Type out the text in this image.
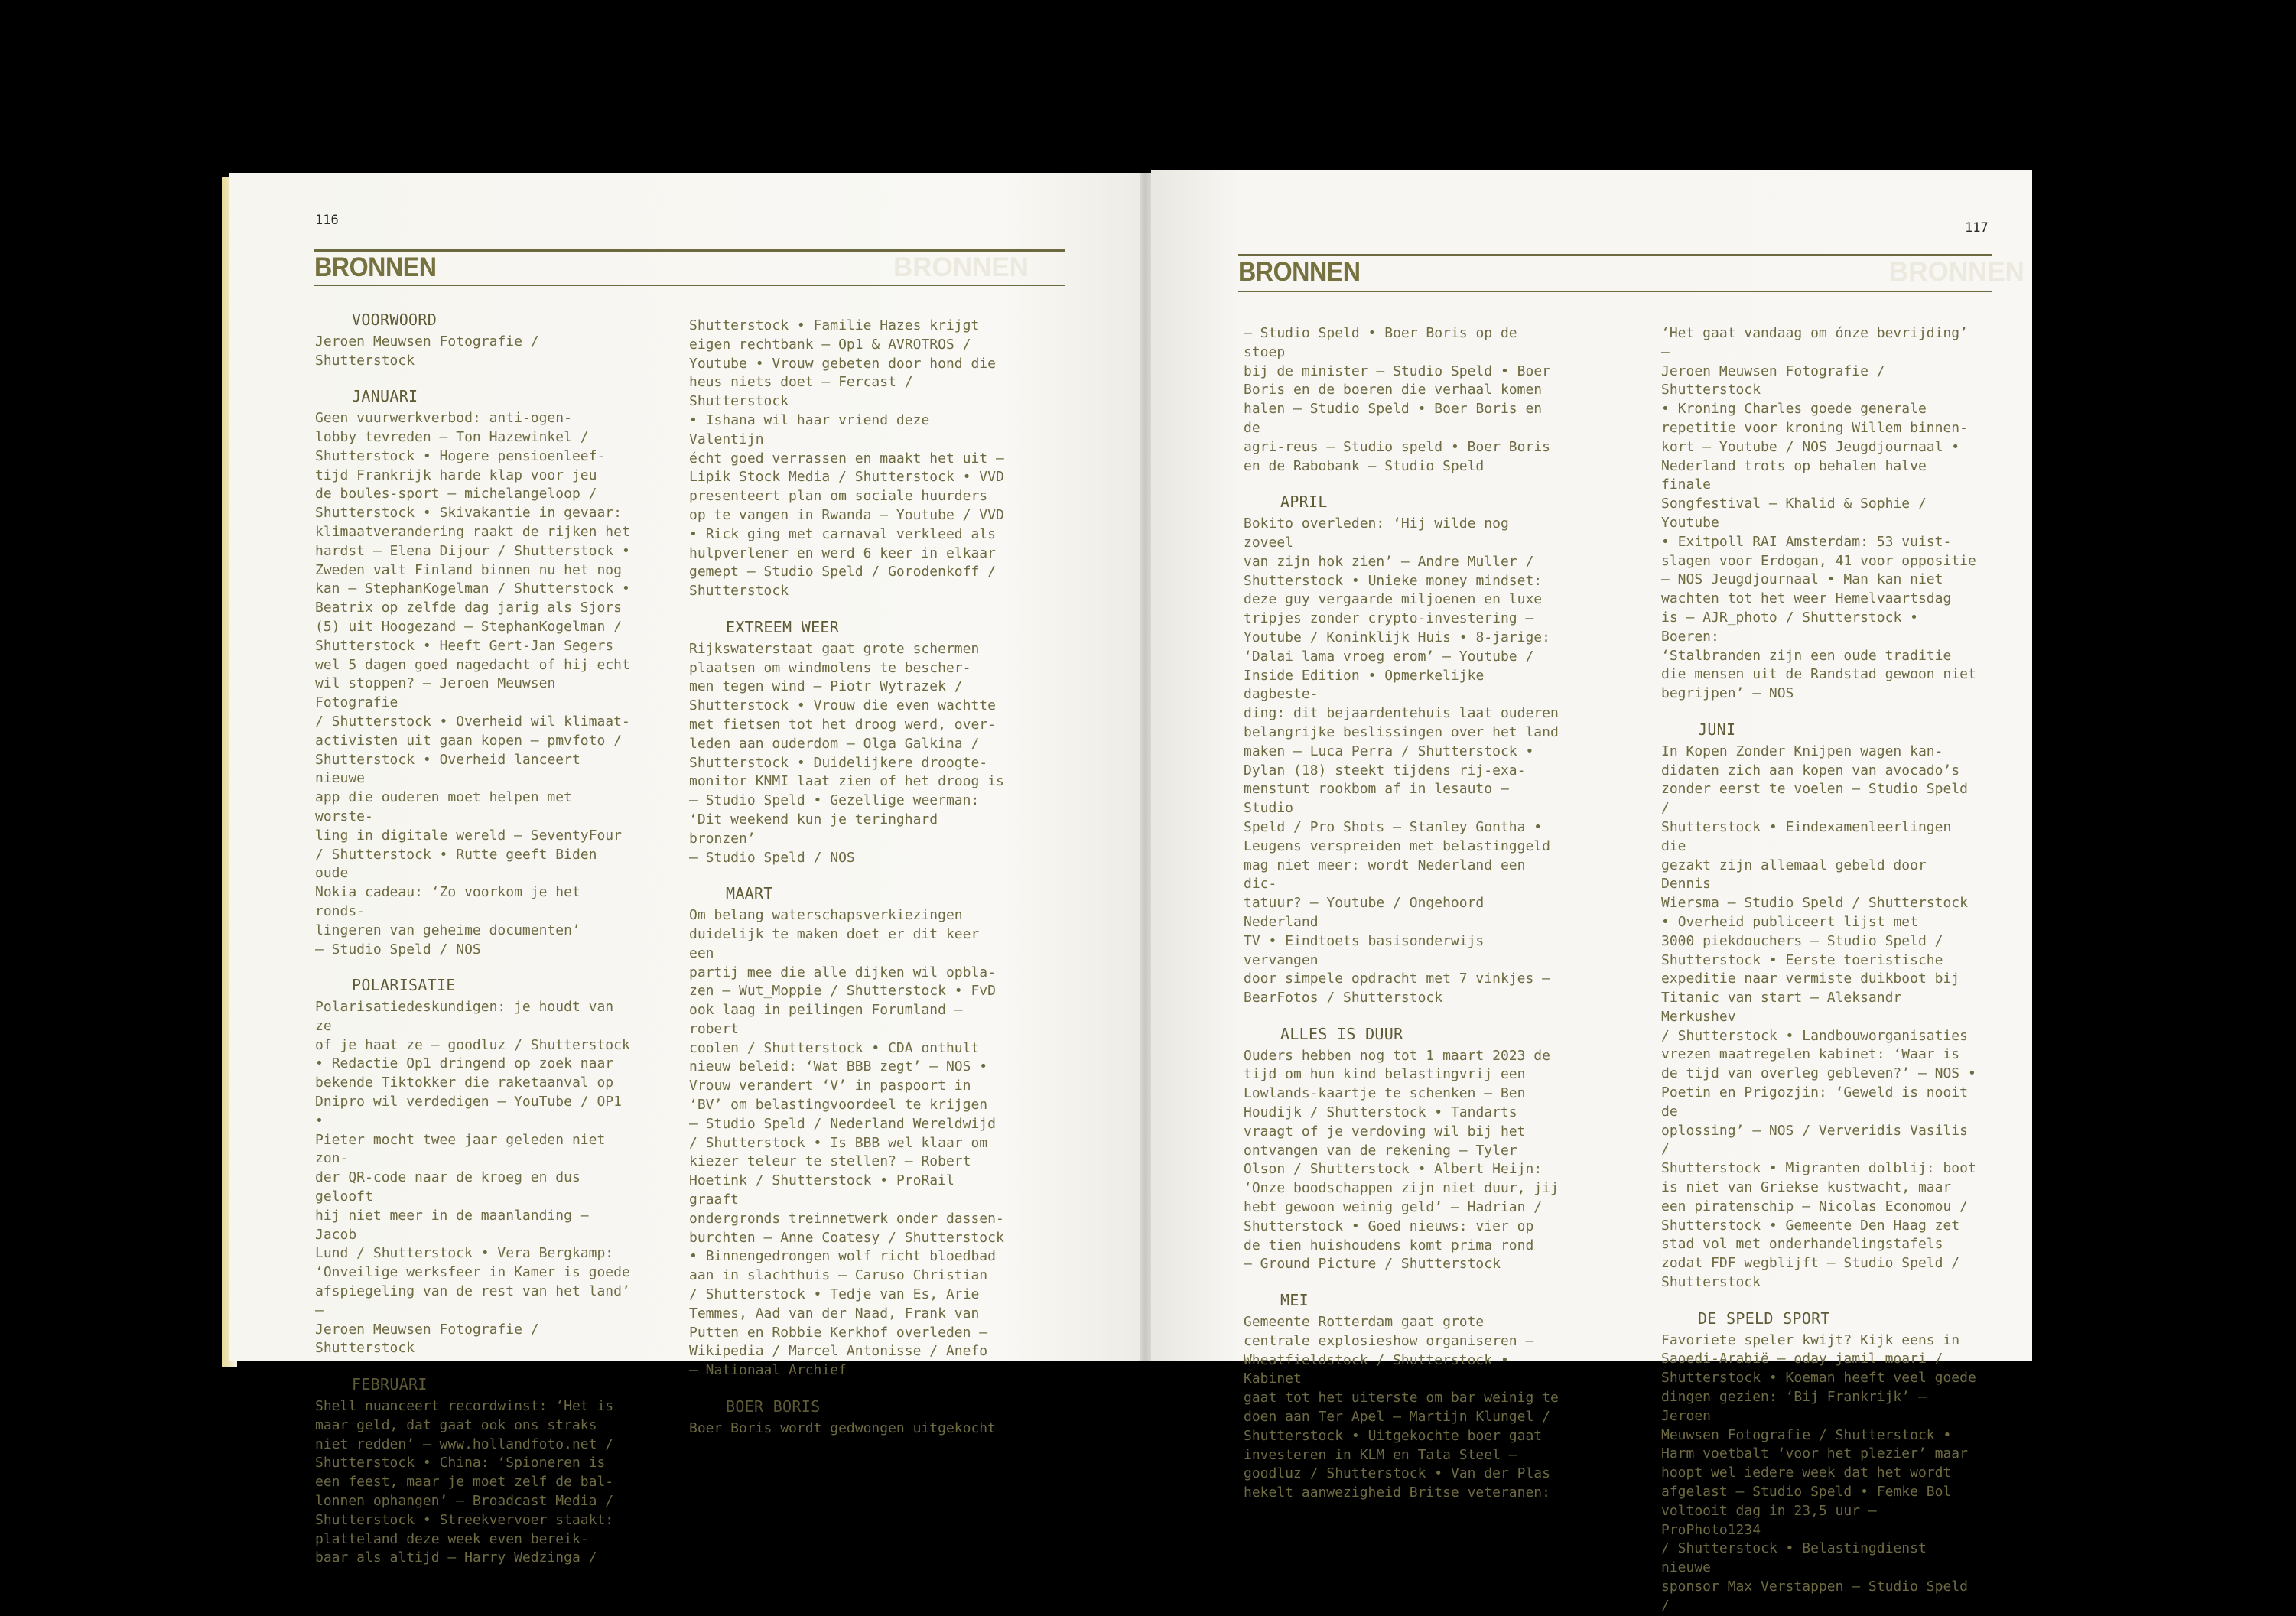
116
BRONNEN
BRONNEN
VOORWOORD
Jeroen Meuwsen Fotografie / Shutterstock

JANUARI
Geen vuurwerkverbod: anti-ogen-
lobby tevreden – Ton Hazewinkel /
Shutterstock • Hogere pensioenleef-
tijd Frankrijk harde klap voor jeu
de boules-sport – michelangeloop /
Shutterstock • Skivakantie in gevaar:
klimaatverandering raakt de rijken het
hardst – Elena Dijour / Shutterstock •
Zweden valt Finland binnen nu het nog
kan – StephanKogelman / Shutterstock •
Beatrix op zelfde dag jarig als Sjors
(5) uit Hoogezand – StephanKogelman /
Shutterstock • Heeft Gert-Jan Segers
wel 5 dagen goed nagedacht of hij echt
wil stoppen? – Jeroen Meuwsen Fotografie
/ Shutterstock • Overheid wil klimaat-
activisten uit gaan kopen – pmvfoto /
Shutterstock • Overheid lanceert nieuwe
app die ouderen moet helpen met worste-
ling in digitale wereld – SeventyFour
/ Shutterstock • Rutte geeft Biden oude
Nokia cadeau: ‘Zo voorkom je het ronds-
lingeren van geheime documenten’
– Studio Speld / NOS

POLARISATIE
Polarisatiedeskundigen: je houdt van ze
of je haat ze – goodluz / Shutterstock
• Redactie Op1 dringend op zoek naar
bekende Tiktokker die raketaanval op
Dnipro wil verdedigen – YouTube / OP1 •
Pieter mocht twee jaar geleden niet zon-
der QR-code naar de kroeg en dus gelooft
hij niet meer in de maanlanding – Jacob
Lund / Shutterstock • Vera Bergkamp:
‘Onveilige werksfeer in Kamer is goede
afspiegeling van de rest van het land’ –
Jeroen Meuwsen Fotografie / Shutterstock

FEBRUARI
Shell nuanceert recordwinst: ‘Het is
maar geld, dat gaat ook ons straks
niet redden’ – www.hollandfoto.net /
Shutterstock • China: ‘Spioneren is
een feest, maar je moet zelf de bal-
lonnen ophangen’ – Broadcast Media /
Shutterstock • Streekvervoer staakt:
platteland deze week even bereik-
baar als altijd – Harry Wedzinga /

Shutterstock • Familie Hazes krijgt
eigen rechtbank – Op1 & AVROTROS /
Youtube • Vrouw gebeten door hond die
heus niets doet – Fercast / Shutterstock
• Ishana wil haar vriend deze Valentijn
écht goed verrassen en maakt het uit –
Lipik Stock Media / Shutterstock • VVD
presenteert plan om sociale huurders
op te vangen in Rwanda – Youtube / VVD
• Rick ging met carnaval verkleed als
hulpverlener en werd 6 keer in elkaar
gemept – Studio Speld / Gorodenkoff /
Shutterstock

EXTREEM WEER
Rijkswaterstaat gaat grote schermen
plaatsen om windmolens te bescher-
men tegen wind – Piotr Wytrazek /
Shutterstock • Vrouw die even wachtte
met fietsen tot het droog werd, over-
leden aan ouderdom – Olga Galkina /
Shutterstock • Duidelijkere droogte-
monitor KNMI laat zien of het droog is
– Studio Speld • Gezellige weerman:
‘Dit weekend kun je teringhard bronzen’
– Studio Speld / NOS

MAART
Om belang waterschapsverkiezingen
duidelijk te maken doet er dit keer een
partij mee die alle dijken wil opbla-
zen – Wut_Moppie / Shutterstock • FvD
ook laag in peilingen Forumland – robert
coolen / Shutterstock • CDA onthult
nieuw beleid: ‘Wat BBB zegt’ – NOS •
Vrouw verandert ‘V’ in paspoort in
‘BV’ om belastingvoordeel te krijgen
– Studio Speld / Nederland Wereldwijd
/ Shutterstock • Is BBB wel klaar om
kiezer teleur te stellen? – Robert
Hoetink / Shutterstock • ProRail graaft
ondergronds treinnetwerk onder dassen-
burchten – Anne Coatesy / Shutterstock
• Binnengedrongen wolf richt bloedbad
aan in slachthuis – Caruso Christian
/ Shutterstock • Tedje van Es, Arie
Temmes, Aad van der Naad, Frank van
Putten en Robbie Kerkhof overleden –
Wikipedia / Marcel Antonisse / Anefo
– Nationaal Archief

BOER BORIS
Boer Boris wordt gedwongen uitgekocht

117
BRONNEN
BRONNEN
– Studio Speld • Boer Boris op de stoep
bij de minister – Studio Speld • Boer
Boris en de boeren die verhaal komen
halen – Studio Speld • Boer Boris en de
agri-reus – Studio speld • Boer Boris
en de Rabobank – Studio Speld

APRIL
Bokito overleden: ‘Hij wilde nog zoveel
van zijn hok zien’ – Andre Muller /
Shutterstock • Unieke money mindset:
deze guy vergaarde miljoenen en luxe
tripjes zonder crypto-investering –
Youtube / Koninklijk Huis • 8-jarige:
‘Dalai lama vroeg erom’ – Youtube /
Inside Edition • Opmerkelijke dagbeste-
ding: dit bejaardentehuis laat ouderen
belangrijke beslissingen over het land
maken – Luca Perra / Shutterstock •
Dylan (18) steekt tijdens rij-exa-
menstunt rookbom af in lesauto – Studio
Speld / Pro Shots – Stanley Gontha •
Leugens verspreiden met belastinggeld
mag niet meer: wordt Nederland een dic-
tatuur? – Youtube / Ongehoord Nederland
TV • Eindtoets basisonderwijs vervangen
door simpele opdracht met 7 vinkjes –
BearFotos / Shutterstock

ALLES IS DUUR
Ouders hebben nog tot 1 maart 2023 de
tijd om hun kind belastingvrij een
Lowlands-kaartje te schenken – Ben
Houdijk / Shutterstock • Tandarts
vraagt of je verdoving wil bij het
ontvangen van de rekening – Tyler
Olson / Shutterstock • Albert Heijn:
‘Onze boodschappen zijn niet duur, jij
hebt gewoon weinig geld’ – Hadrian /
Shutterstock • Goed nieuws: vier op
de tien huishoudens komt prima rond
– Ground Picture / Shutterstock

MEI
Gemeente Rotterdam gaat grote
centrale explosieshow organiseren –
Wheatfieldstock / Shutterstock • Kabinet
gaat tot het uiterste om bar weinig te
doen aan Ter Apel – Martijn Klungel /
Shutterstock • Uitgekochte boer gaat
investeren in KLM en Tata Steel –
goodluz / Shutterstock • Van der Plas
hekelt aanwezigheid Britse veteranen:

‘Het gaat vandaag om ónze bevrijding’ –
Jeroen Meuwsen Fotografie / Shutterstock
• Kroning Charles goede generale
repetitie voor kroning Willem binnen-
kort – Youtube / NOS Jeugdjournaal •
Nederland trots op behalen halve finale
Songfestival – Khalid & Sophie / Youtube
• Exitpoll RAI Amsterdam: 53 vuist-
slagen voor Erdogan, 41 voor oppositie
– NOS Jeugdjournaal • Man kan niet
wachten tot het weer Hemelvaartsdag
is – AJR_photo / Shutterstock • Boeren:
‘Stalbranden zijn een oude traditie
die mensen uit de Randstad gewoon niet
begrijpen’ – NOS

JUNI
In Kopen Zonder Knijpen wagen kan-
didaten zich aan kopen van avocado’s
zonder eerst te voelen – Studio Speld /
Shutterstock • Eindexamenleerlingen die
gezakt zijn allemaal gebeld door Dennis
Wiersma – Studio Speld / Shutterstock
• Overheid publiceert lijst met
3000 piekdouchers – Studio Speld /
Shutterstock • Eerste toeristische
expeditie naar vermiste duikboot bij
Titanic van start – Aleksandr Merkushev
/ Shutterstock • Landbouworganisaties
vrezen maatregelen kabinet: ‘Waar is
de tijd van overleg gebleven?’ – NOS •
Poetin en Prigozjin: ‘Geweld is nooit de
oplossing’ – NOS / Ververidis Vasilis /
Shutterstock • Migranten dolblij: boot
is niet van Griekse kustwacht, maar
een piratenschip – Nicolas Economou /
Shutterstock • Gemeente Den Haag zet
stad vol met onderhandelingstafels
zodat FDF wegblijft – Studio Speld /
Shutterstock

DE SPELD SPORT
Favoriete speler kwijt? Kijk eens in
Saoedi-Arabië – oday jamil moari /
Shutterstock • Koeman heeft veel goede
dingen gezien: ‘Bij Frankrijk’ – Jeroen
Meuwsen Fotografie / Shutterstock •
Harm voetbalt ‘voor het plezier’ maar
hoopt wel iedere week dat het wordt
afgelast – Studio Speld • Femke Bol
voltooit dag in 23,5 uur – ProPhoto1234
/ Shutterstock • Belastingdienst nieuwe
sponsor Max Verstappen – Studio Speld /
